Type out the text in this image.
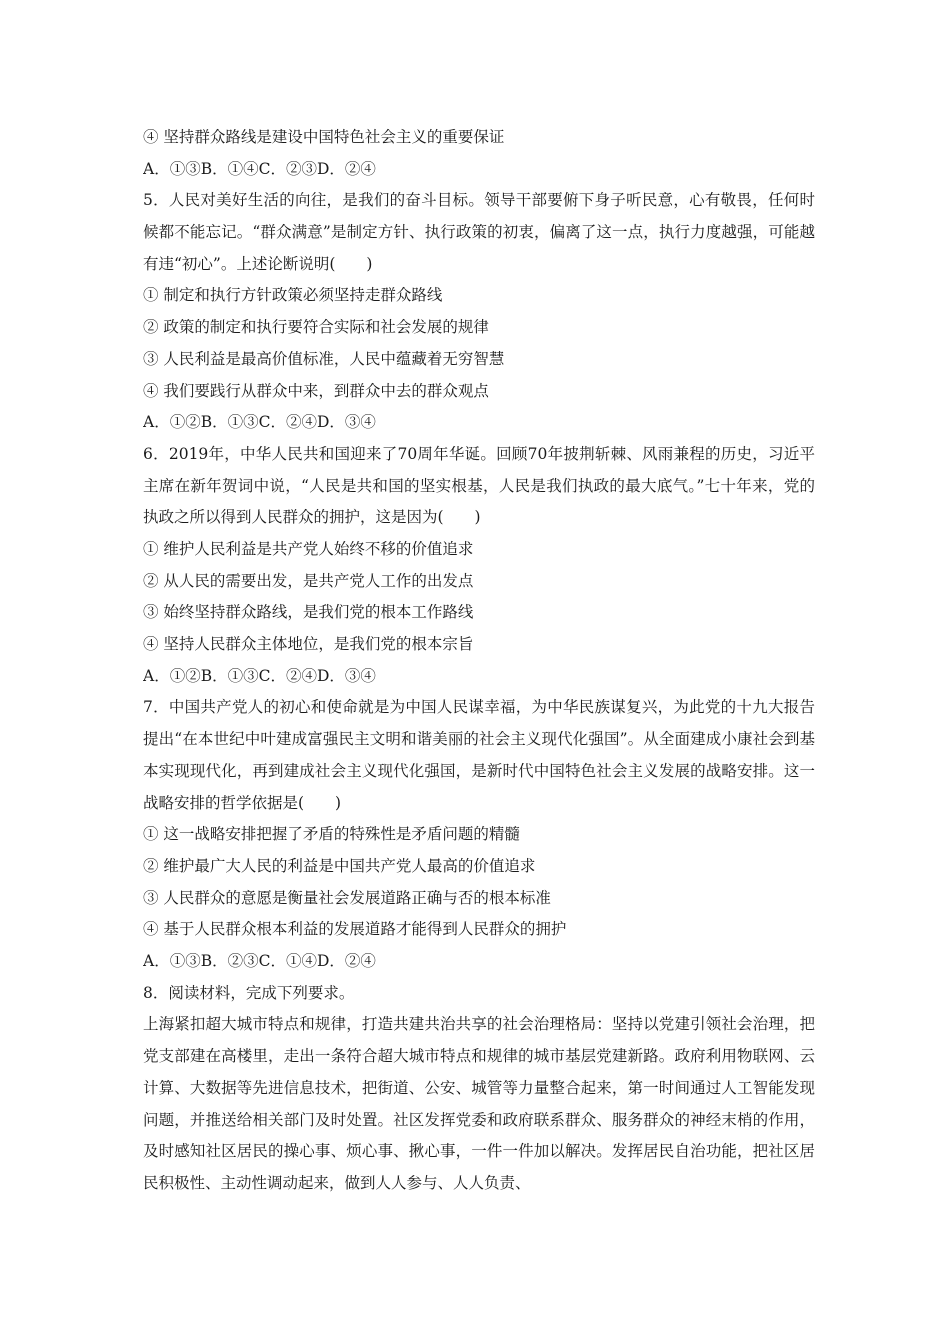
④ 坚持群众路线是建设中国特色社会主义的重要保证
A．①③B．①④C．②③D．②④
5．人民对美好生活的向往，是我们的奋斗目标。领导干部要俯下身子听民意，心有敬畏，任何时候都不能忘记。“群众满意”是制定方针、执行政策的初衷，偏离了这一点，执行力度越强，可能越有违“初心”。上述论断说明(　　)
① 制定和执行方针政策必须坚持走群众路线
② 政策的制定和执行要符合实际和社会发展的规律
③ 人民利益是最高价值标准，人民中蕴藏着无穷智慧
④ 我们要践行从群众中来，到群众中去的群众观点
A．①②B．①③C．②④D．③④
6．2019年，中华人民共和国迎来了70周年华诞。回顾70年披荆斩棘、风雨兼程的历史，习近平主席在新年贺词中说，“人民是共和国的坚实根基，人民是我们执政的最大底气。”七十年来，党的执政之所以得到人民群众的拥护，这是因为(　　)
① 维护人民利益是共产党人始终不移的价值追求
② 从人民的需要出发，是共产党人工作的出发点
③ 始终坚持群众路线，是我们党的根本工作路线
④ 坚持人民群众主体地位，是我们党的根本宗旨
A．①②B．①③C．②④D．③④
7．中国共产党人的初心和使命就是为中国人民谋幸福，为中华民族谋复兴，为此党的十九大报告提出“在本世纪中叶建成富强民主文明和谐美丽的社会主义现代化强国”。从全面建成小康社会到基本实现现代化，再到建成社会主义现代化强国，是新时代中国特色社会主义发展的战略安排。这一战略安排的哲学依据是(　　)
① 这一战略安排把握了矛盾的特殊性是矛盾问题的精髓
② 维护最广大人民的利益是中国共产党人最高的价值追求
③ 人民群众的意愿是衡量社会发展道路正确与否的根本标准
④ 基于人民群众根本利益的发展道路才能得到人民群众的拥护
A．①③B．②③C．①④D．②④
8．阅读材料，完成下列要求。
上海紧扣超大城市特点和规律，打造共建共治共享的社会治理格局：坚持以党建引领社会治理，把党支部建在高楼里，走出一条符合超大城市特点和规律的城市基层党建新路。政府利用物联网、云计算、大数据等先进信息技术，把街道、公安、城管等力量整合起来，第一时间通过人工智能发现问题，并推送给相关部门及时处置。社区发挥党委和政府联系群众、服务群众的神经末梢的作用，及时感知社区居民的操心事、烦心事、揪心事，一件一件加以解决。发挥居民自治功能，把社区居民积极性、主动性调动起来，做到人人参与、人人负责、
